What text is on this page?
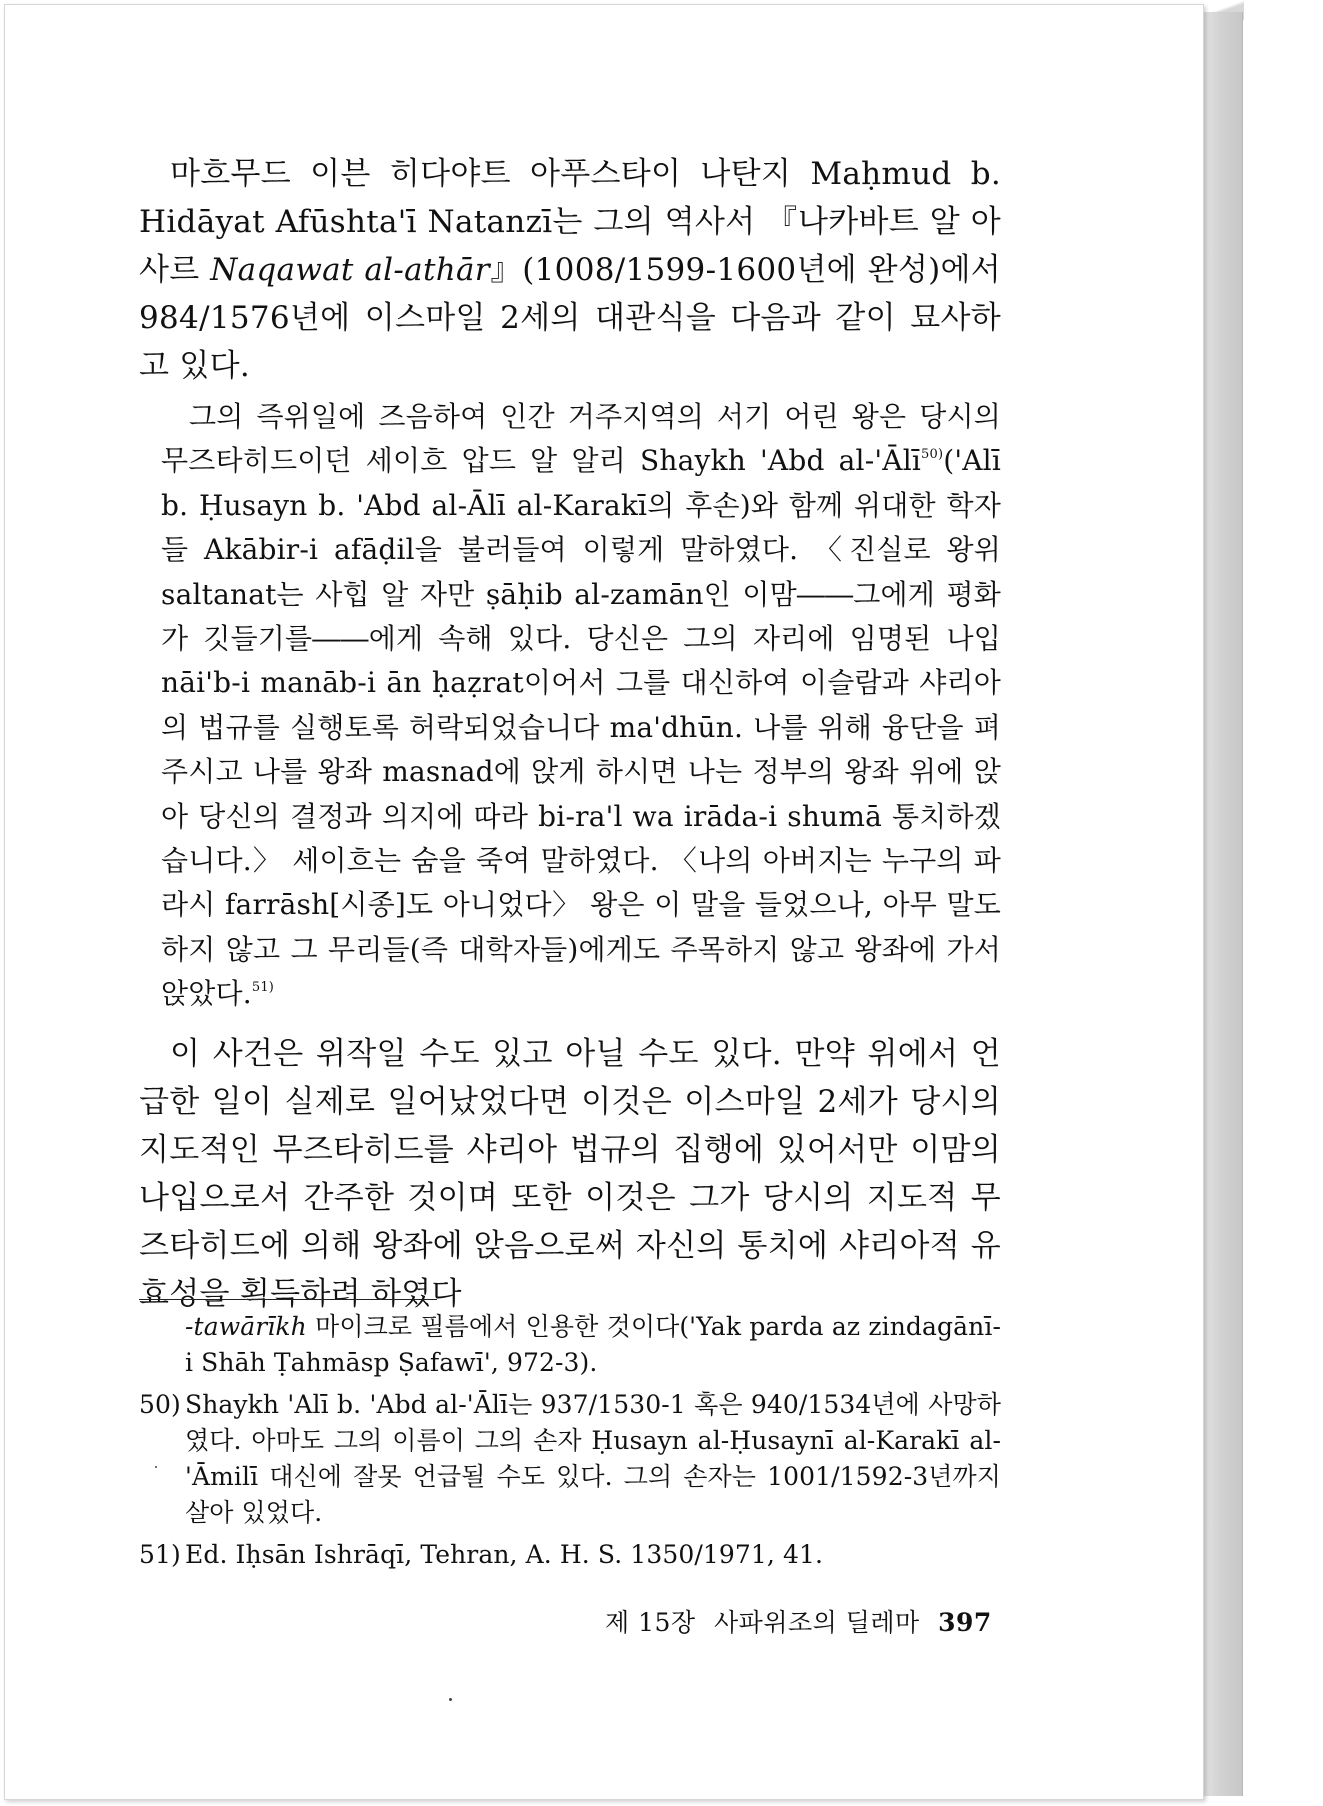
마흐무드 이븐 히다야트 아푸스타이 나탄지 Maḥmud b. Hidāyat Afūshta'ī Natanzī는 그의 역사서 『나카바트 알 아사르 Naqawat al-athār』(1008/1599-1600년에 완성)에서 984/1576년에 이스마일 2세의 대관식을 다음과 같이 묘사하고 있다.

그의 즉위일에 즈음하여 인간 거주지역의 서기 어린 왕은 당시의 무즈타히드이던 세이흐 압드 알 알리 Shaykh 'Abd al-'Ālī$^{50)}$('Alī b. Ḥusayn b. 'Abd al-Ālī al-Karakī의 후손)와 함께 위대한 학자들 Akābir-i afāḍil을 불러들여 이렇게 말하였다. 〈진실로 왕위 saltanat는 사힙 알 자만 ṣāḥib al-zamān인 이맘――그에게 평화가 깃들기를――에게 속해 있다. 당신은 그의 자리에 임명된 나입 nāi'b-i manāb-i ān ḥaẓrat이어서 그를 대신하여 이슬람과 샤리아의 법규를 실행토록 허락되었습니다 ma'dhūn. 나를 위해 융단을 펴주시고 나를 왕좌 masnad에 앉게 하시면 나는 정부의 왕좌 위에 앉아 당신의 결정과 의지에 따라 bi-ra'l wa irāda-i shumā 통치하겠습니다.〉 세이흐는 숨을 죽여 말하였다. 〈나의 아버지는 누구의 파라시 farrāsh[시종]도 아니었다〉 왕은 이 말을 들었으나, 아무 말도 하지 않고 그 무리들(즉 대학자들)에게도 주목하지 않고 왕좌에 가서 앉았다.$^{51)}$

이 사건은 위작일 수도 있고 아닐 수도 있다. 만약 위에서 언급한 일이 실제로 일어났었다면 이것은 이스마일 2세가 당시의 지도적인 무즈타히드를 샤리아 법규의 집행에 있어서만 이맘의 나입으로서 간주한 것이며 또한 이것은 그가 당시의 지도적 무즈타히드에 의해 왕좌에 앉음으로써 자신의 통치에 샤리아적 유효성을 획득하려 하였다

-tawārīkh 마이크로 필름에서 인용한 것이다('Yak parda az zindagānī-i Shāh Ṭahmāsp Ṣafawī', 972-3).
50) Shaykh 'Alī b. 'Abd al-'Ālī는 937/1530-1 혹은 940/1534년에 사망하였다. 아마도 그의 이름이 그의 손자 Ḥusayn al-Ḥusaynī al-Karakī al-'Āmilī 대신에 잘못 언급될 수도 있다. 그의 손자는 1001/1592-3년까지 살아 있었다.
51) Ed. Iḥsān Ishrāqī, Tehran, A. H. S. 1350/1971, 41.
제 15장 사파위조의 딜레마 397
